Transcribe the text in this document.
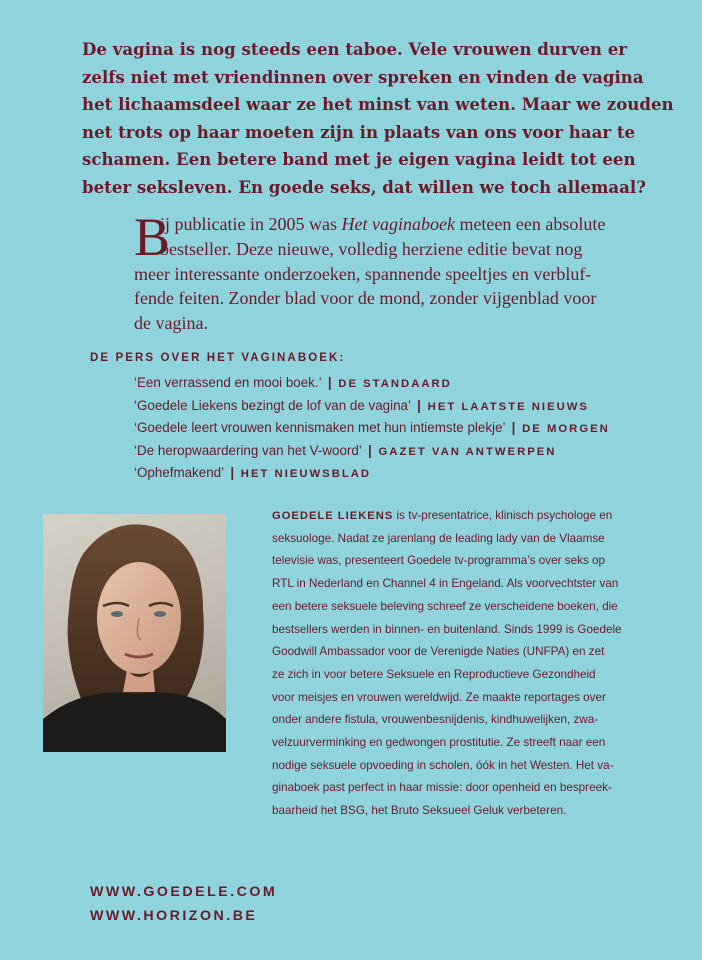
De vagina is nog steeds een taboe. Vele vrouwen durven er
zelfs niet met vriendinnen over spreken en vinden de vagina
het lichaamsdeel waar ze het minst van weten. Maar we zouden
net trots op haar moeten zijn in plaats van ons voor haar te
schamen. Een betere band met je eigen vagina leidt tot een
beter seksleven. En goede seks, dat willen we toch allemaal?

B
ij publicatie in 2005 was Het vaginaboek meteen een absolute
bestseller. Deze nieuwe, volledig herziene editie bevat nog
meer interessante onderzoeken, spannende speeltjes en verbluf-
fende feiten. Zonder blad voor de mond, zonder vijgenblad voor
de vagina.

DE PERS OVER HET VAGINABOEK:

‘Een verrassend en mooi boek.’ | DE STANDAARD
‘Goedele Liekens bezingt de lof van de vagina’ | HET LAATSTE NIEUWS
‘Goedele leert vrouwen kennismaken met hun intiemste plekje’ | DE MORGEN
‘De heropwaardering van het V-woord’ | GAZET VAN ANTWERPEN
‘Ophefmakend’ | HET NIEUWSBLAD
GOEDELE LIEKENS is tv-presentatrice, klinisch psychologe en
seksuologe. Nadat ze jarenlang de leading lady van de Vlaamse
televisie was, presenteert Goedele tv-programma’s over seks op
RTL in Nederland en Channel 4 in Engeland. Als voorvechtster van
een betere seksuele beleving schreef ze verscheidene boeken, die
bestsellers werden in binnen- en buitenland. Sinds 1999 is Goedele
Goodwill Ambassador voor de Verenigde Naties (UNFPA) en zet
ze zich in voor betere Seksuele en Reproductieve Gezondheid
voor meisjes en vrouwen wereldwijd. Ze maakte reportages over
onder andere fistula, vrouwenbesnijdenis, kindhuwelijken, zwa-
velzuurverminking en gedwongen prostitutie. Ze streeft naar een
nodige seksuele opvoeding in scholen, óók in het Westen. Het va-
ginaboek past perfect in haar missie: door openheid en bespreek-
baarheid het BSG, het Bruto Seksueel Geluk verbeteren.
WWW.GOEDELE.COM
WWW.HORIZON.BE
